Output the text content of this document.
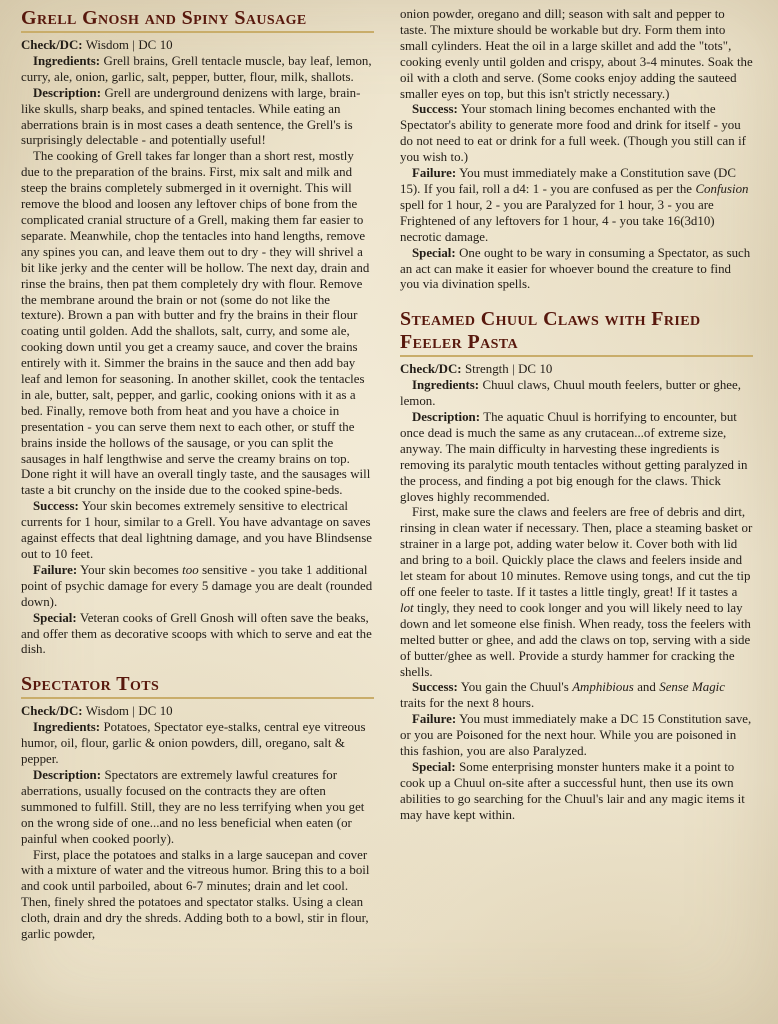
Grell Gnosh and Spiny Sausage

Check/DC: Wisdom | DC 10

Ingredients: Grell brains, Grell tentacle muscle, bay leaf, lemon, curry, ale, onion, garlic, salt, pepper, butter, flour, milk, shallots.

Description: Grell are underground denizens with large, brain-like skulls, sharp beaks, and spined tentacles. While eating an aberrations brain is in most cases a death sentence, the Grell's is surprisingly delectable - and potentially useful!

The cooking of Grell takes far longer than a short rest, mostly due to the preparation of the brains. First, mix salt and milk and steep the brains completely submerged in it overnight. This will remove the blood and loosen any leftover chips of bone from the complicated cranial structure of a Grell, making them far easier to separate. Meanwhile, chop the tentacles into hand lengths, remove any spines you can, and leave them out to dry - they will shrivel a bit like jerky and the center will be hollow. The next day, drain and rinse the brains, then pat them completely dry with flour. Remove the membrane around the brain or not (some do not like the texture). Brown a pan with butter and fry the brains in their flour coating until golden. Add the shallots, salt, curry, and some ale, cooking down until you get a creamy sauce, and cover the brains entirely with it. Simmer the brains in the sauce and then add bay leaf and lemon for seasoning. In another skillet, cook the tentacles in ale, butter, salt, pepper, and garlic, cooking onions with it as a bed. Finally, remove both from heat and you have a choice in presentation - you can serve them next to each other, or stuff the brains inside the hollows of the sausage, or you can split the sausages in half lengthwise and serve the creamy brains on top. Done right it will have an overall tingly taste, and the sausages will taste a bit crunchy on the inside due to the cooked spine-beds.

Success: Your skin becomes extremely sensitive to electrical currents for 1 hour, similar to a Grell. You have advantage on saves against effects that deal lightning damage, and you have Blindsense out to 10 feet.

Failure: Your skin becomes too sensitive - you take 1 additional point of psychic damage for every 5 damage you are dealt (rounded down).

Special: Veteran cooks of Grell Gnosh will often save the beaks, and offer them as decorative scoops with which to serve and eat the dish.

Spectator Tots

Check/DC: Wisdom | DC 10

Ingredients: Potatoes, Spectator eye-stalks, central eye vitreous humor, oil, flour, garlic & onion powders, dill, oregano, salt & pepper.

Description: Spectators are extremely lawful creatures for aberrations, usually focused on the contracts they are often summoned to fulfill. Still, they are no less terrifying when you get on the wrong side of one...and no less beneficial when eaten (or painful when cooked poorly).

First, place the potatoes and stalks in a large saucepan and cover with a mixture of water and the vitreous humor. Bring this to a boil and cook until parboiled, about 6-7 minutes; drain and let cool. Then, finely shred the potatoes and spectator stalks. Using a clean cloth, drain and dry the shreds. Adding both to a bowl, stir in flour, garlic powder,

onion powder, oregano and dill; season with salt and pepper to taste. The mixture should be workable but dry. Form them into small cylinders. Heat the oil in a large skillet and add the "tots", cooking evenly until golden and crispy, about 3-4 minutes. Soak the oil with a cloth and serve. (Some cooks enjoy adding the sauteed smaller eyes on top, but this isn't strictly necessary.)

Success: Your stomach lining becomes enchanted with the Spectator's ability to generate more food and drink for itself - you do not need to eat or drink for a full week. (Though you still can if you wish to.)

Failure: You must immediately make a Constitution save (DC 15). If you fail, roll a d4: 1 - you are confused as per the Confusion spell for 1 hour, 2 - you are Paralyzed for 1 hour, 3 - you are Frightened of any leftovers for 1 hour, 4 - you take 16(3d10) necrotic damage.

Special: One ought to be wary in consuming a Spectator, as such an act can make it easier for whoever bound the creature to find you via divination spells.

Steamed Chuul Claws with Fried Feeler Pasta

Check/DC: Strength | DC 10

Ingredients: Chuul claws, Chuul mouth feelers, butter or ghee, lemon.

Description: The aquatic Chuul is horrifying to encounter, but once dead is much the same as any crutacean...of extreme size, anyway. The main difficulty in harvesting these ingredients is removing its paralytic mouth tentacles without getting paralyzed in the process, and finding a pot big enough for the claws. Thick gloves highly recommended.

First, make sure the claws and feelers are free of debris and dirt, rinsing in clean water if necessary. Then, place a steaming basket or strainer in a large pot, adding water below it. Cover both with lid and bring to a boil. Quickly place the claws and feelers inside and let steam for about 10 minutes. Remove using tongs, and cut the tip off one feeler to taste. If it tastes a little tingly, great! If it tastes a lot tingly, they need to cook longer and you will likely need to lay down and let someone else finish. When ready, toss the feelers with melted butter or ghee, and add the claws on top, serving with a side of butter/ghee as well. Provide a sturdy hammer for cracking the shells.

Success: You gain the Chuul's Amphibious and Sense Magic traits for the next 8 hours.

Failure: You must immediately make a DC 15 Constitution save, or you are Poisoned for the next hour. While you are poisoned in this fashion, you are also Paralyzed.

Special: Some enterprising monster hunters make it a point to cook up a Chuul on-site after a successful hunt, then use its own abilities to go searching for the Chuul's lair and any magic items it may have kept within.
